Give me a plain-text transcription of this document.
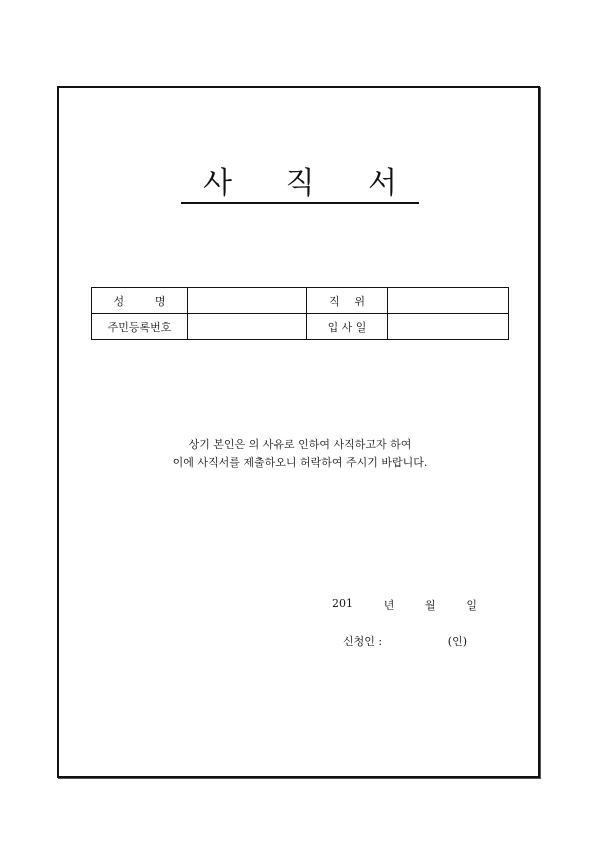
사 직 서
성 명		직 위	

주민등록번호		입 사 일	
상기 본인은 의 사유로 인하여 사직하고자 하여
이에 사직서를 제출하오니 허락하여 주시기 바랍니다.
201	년	월	일
신청인 :	(인)
